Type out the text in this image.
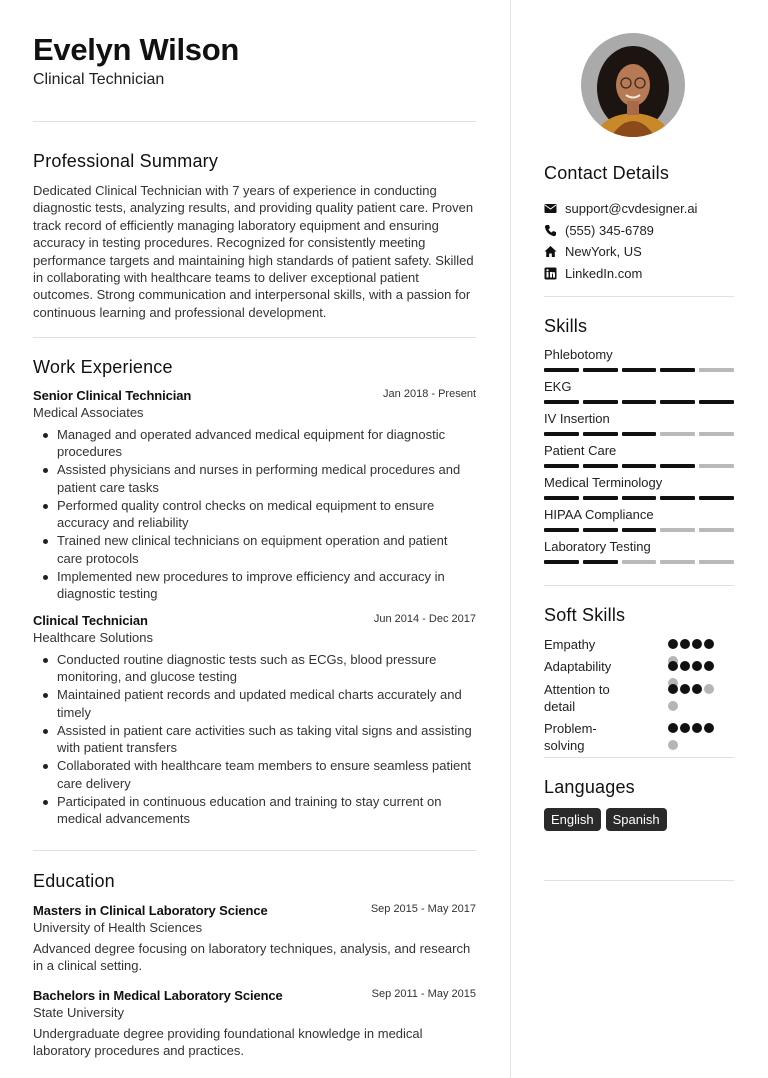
Evelyn Wilson
Clinical Technician
Professional Summary
Dedicated Clinical Technician with 7 years of experience in conducting diagnostic tests, analyzing results, and providing quality patient care. Proven track record of efficiently managing laboratory equipment and ensuring accuracy in testing procedures. Recognized for consistently meeting performance targets and maintaining high standards of patient safety. Skilled in collaborating with healthcare teams to deliver exceptional patient outcomes. Strong communication and interpersonal skills, with a passion for continuous learning and professional development.
Work Experience
Senior Clinical Technician	Jan 2018 - Present
Medical Associates
Managed and operated advanced medical equipment for diagnostic procedures
Assisted physicians and nurses in performing medical procedures and patient care tasks
Performed quality control checks on medical equipment to ensure accuracy and reliability
Trained new clinical technicians on equipment operation and patient care protocols
Implemented new procedures to improve efficiency and accuracy in diagnostic testing
Clinical Technician	Jun 2014 - Dec 2017
Healthcare Solutions
Conducted routine diagnostic tests such as ECGs, blood pressure monitoring, and glucose testing
Maintained patient records and updated medical charts accurately and timely
Assisted in patient care activities such as taking vital signs and assisting with patient transfers
Collaborated with healthcare team members to ensure seamless patient care delivery
Participated in continuous education and training to stay current on medical advancements
Education
Masters in Clinical Laboratory Science	Sep 2015 - May 2017
University of Health Sciences
Advanced degree focusing on laboratory techniques, analysis, and research in a clinical setting.
Bachelors in Medical Laboratory Science	Sep 2011 - May 2015
State University
Undergraduate degree providing foundational knowledge in medical laboratory procedures and practices.
Contact Details
support@cvdesigner.ai
(555) 345-6789
NewYork, US
LinkedIn.com
Skills
Phlebotomy
EKG
IV Insertion
Patient Care
Medical Terminology
HIPAA Compliance
Laboratory Testing
Soft Skills
Empathy
Adaptability
Attention to detail
Problem-solving
Languages
English	Spanish
